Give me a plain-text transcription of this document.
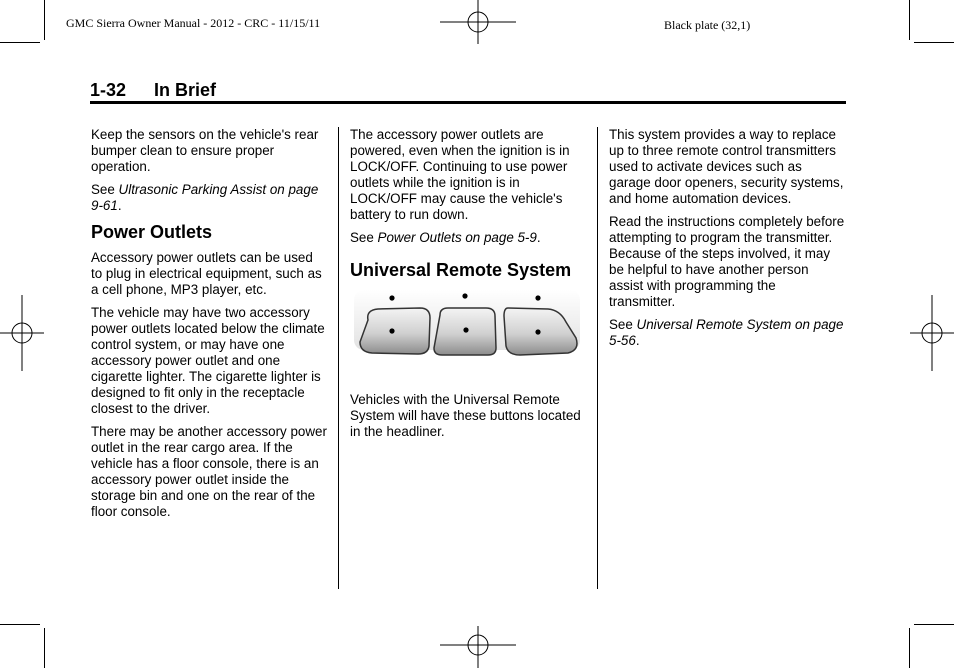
GMC Sierra Owner Manual - 2012 - CRC - 11/15/11	Black plate (32,1)
1-32 In Brief

Keep the sensors on the vehicle's rear bumper clean to ensure proper operation.

See Ultrasonic Parking Assist on page 9-61.

Power Outlets

Accessory power outlets can be used to plug in electrical equipment, such as a cell phone, MP3 player, etc.

The vehicle may have two accessory power outlets located below the climate control system, or may have one accessory power outlet and one cigarette lighter. The cigarette lighter is designed to fit only in the receptacle closest to the driver.

There may be another accessory power outlet in the rear cargo area. If the vehicle has a floor console, there is an accessory power outlet inside the storage bin and one on the rear of the floor console.

The accessory power outlets are powered, even when the ignition is in LOCK/OFF. Continuing to use power outlets while the ignition is in LOCK/OFF may cause the vehicle's battery to run down.

See Power Outlets on page 5-9.

Universal Remote System

Vehicles with the Universal Remote System will have these buttons located in the headliner.

This system provides a way to replace up to three remote control transmitters used to activate devices such as garage door openers, security systems, and home automation devices.

Read the instructions completely before attempting to program the transmitter. Because of the steps involved, it may be helpful to have another person assist with programming the transmitter.

See Universal Remote System on page 5-56.
